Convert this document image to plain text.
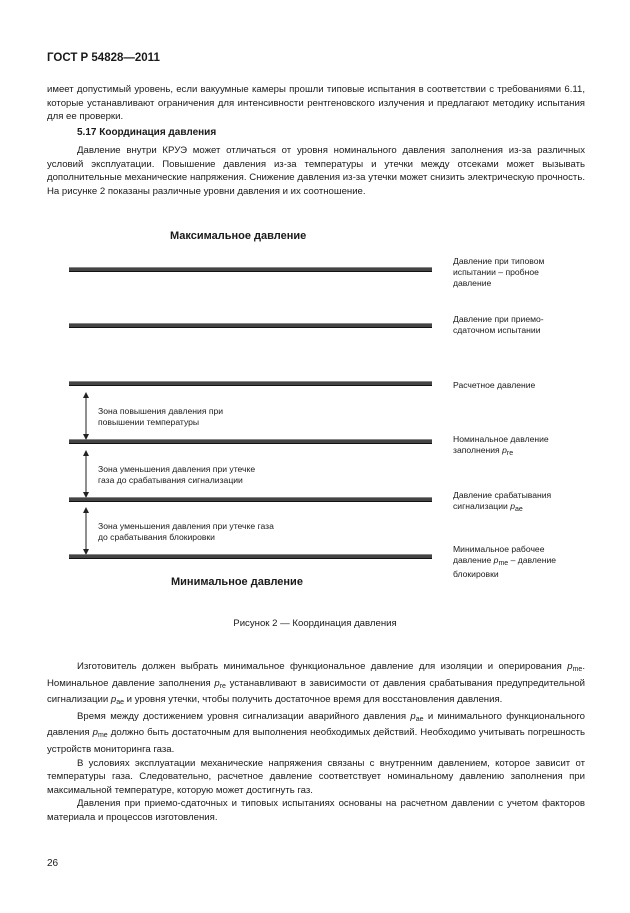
ГОСТ Р 54828—2011

имеет допустимый уровень, если вакуумные камеры прошли типовые испытания в соответствии с требованиями 6.11, которые устанавливают ограничения для интенсивности рентгеновского излучения и предлагают методику испытания для ее проверки.

5.17 Координация давления

Давление внутри КРУЭ может отличаться от уровня номинального давления заполнения из-за различных условий эксплуатации. Повышение давления из-за температуры и утечки между отсеками может вызывать дополнительные механические напряжения. Снижение давления из-за утечки может снизить электрическую прочность. На рисунке 2 показаны различные уровни давления и их соотношение.

Максимальное давление
Давление при типовом испытании – пробное давление
Давление при приемо-сдаточном испытании
Расчетное давление
Номинальное давление заполнения $p_{re}$
Давление срабатывания сигнализации $p_{ae}$
Минимальное рабочее давление $p_{me}$ – давление блокировки
Зона повышения давления при повышении температуры
Зона уменьшения давления при утечке газа до срабатывания сигнализации
Зона уменьшения давления при утечке газа до срабатывания блокировки
Минимальное давление
Рисунок 2 — Координация давления

Изготовитель должен выбрать минимальное функциональное давление для изоляции и оперирования $p_{me}$. Номинальное давление заполнения $p_{re}$ устанавливают в зависимости от давления срабатывания предупредительной сигнализации $p_{ae}$ и уровня утечки, чтобы получить достаточное время для восстановления давления.

Время между достижением уровня сигнализации аварийного давления $p_{ae}$ и минимального функционального давления $p_{me}$ должно быть достаточным для выполнения необходимых действий. Необходимо учитывать погрешность устройств мониторинга газа.

В условиях эксплуатации механические напряжения связаны с внутренним давлением, которое зависит от температуры газа. Следовательно, расчетное давление соответствует номинальному давлению заполнения при максимальной температуре, которую может достигнуть газ.

Давления при приемо-сдаточных и типовых испытаниях основаны на расчетном давлении с учетом факторов материала и процессов изготовления.

26
